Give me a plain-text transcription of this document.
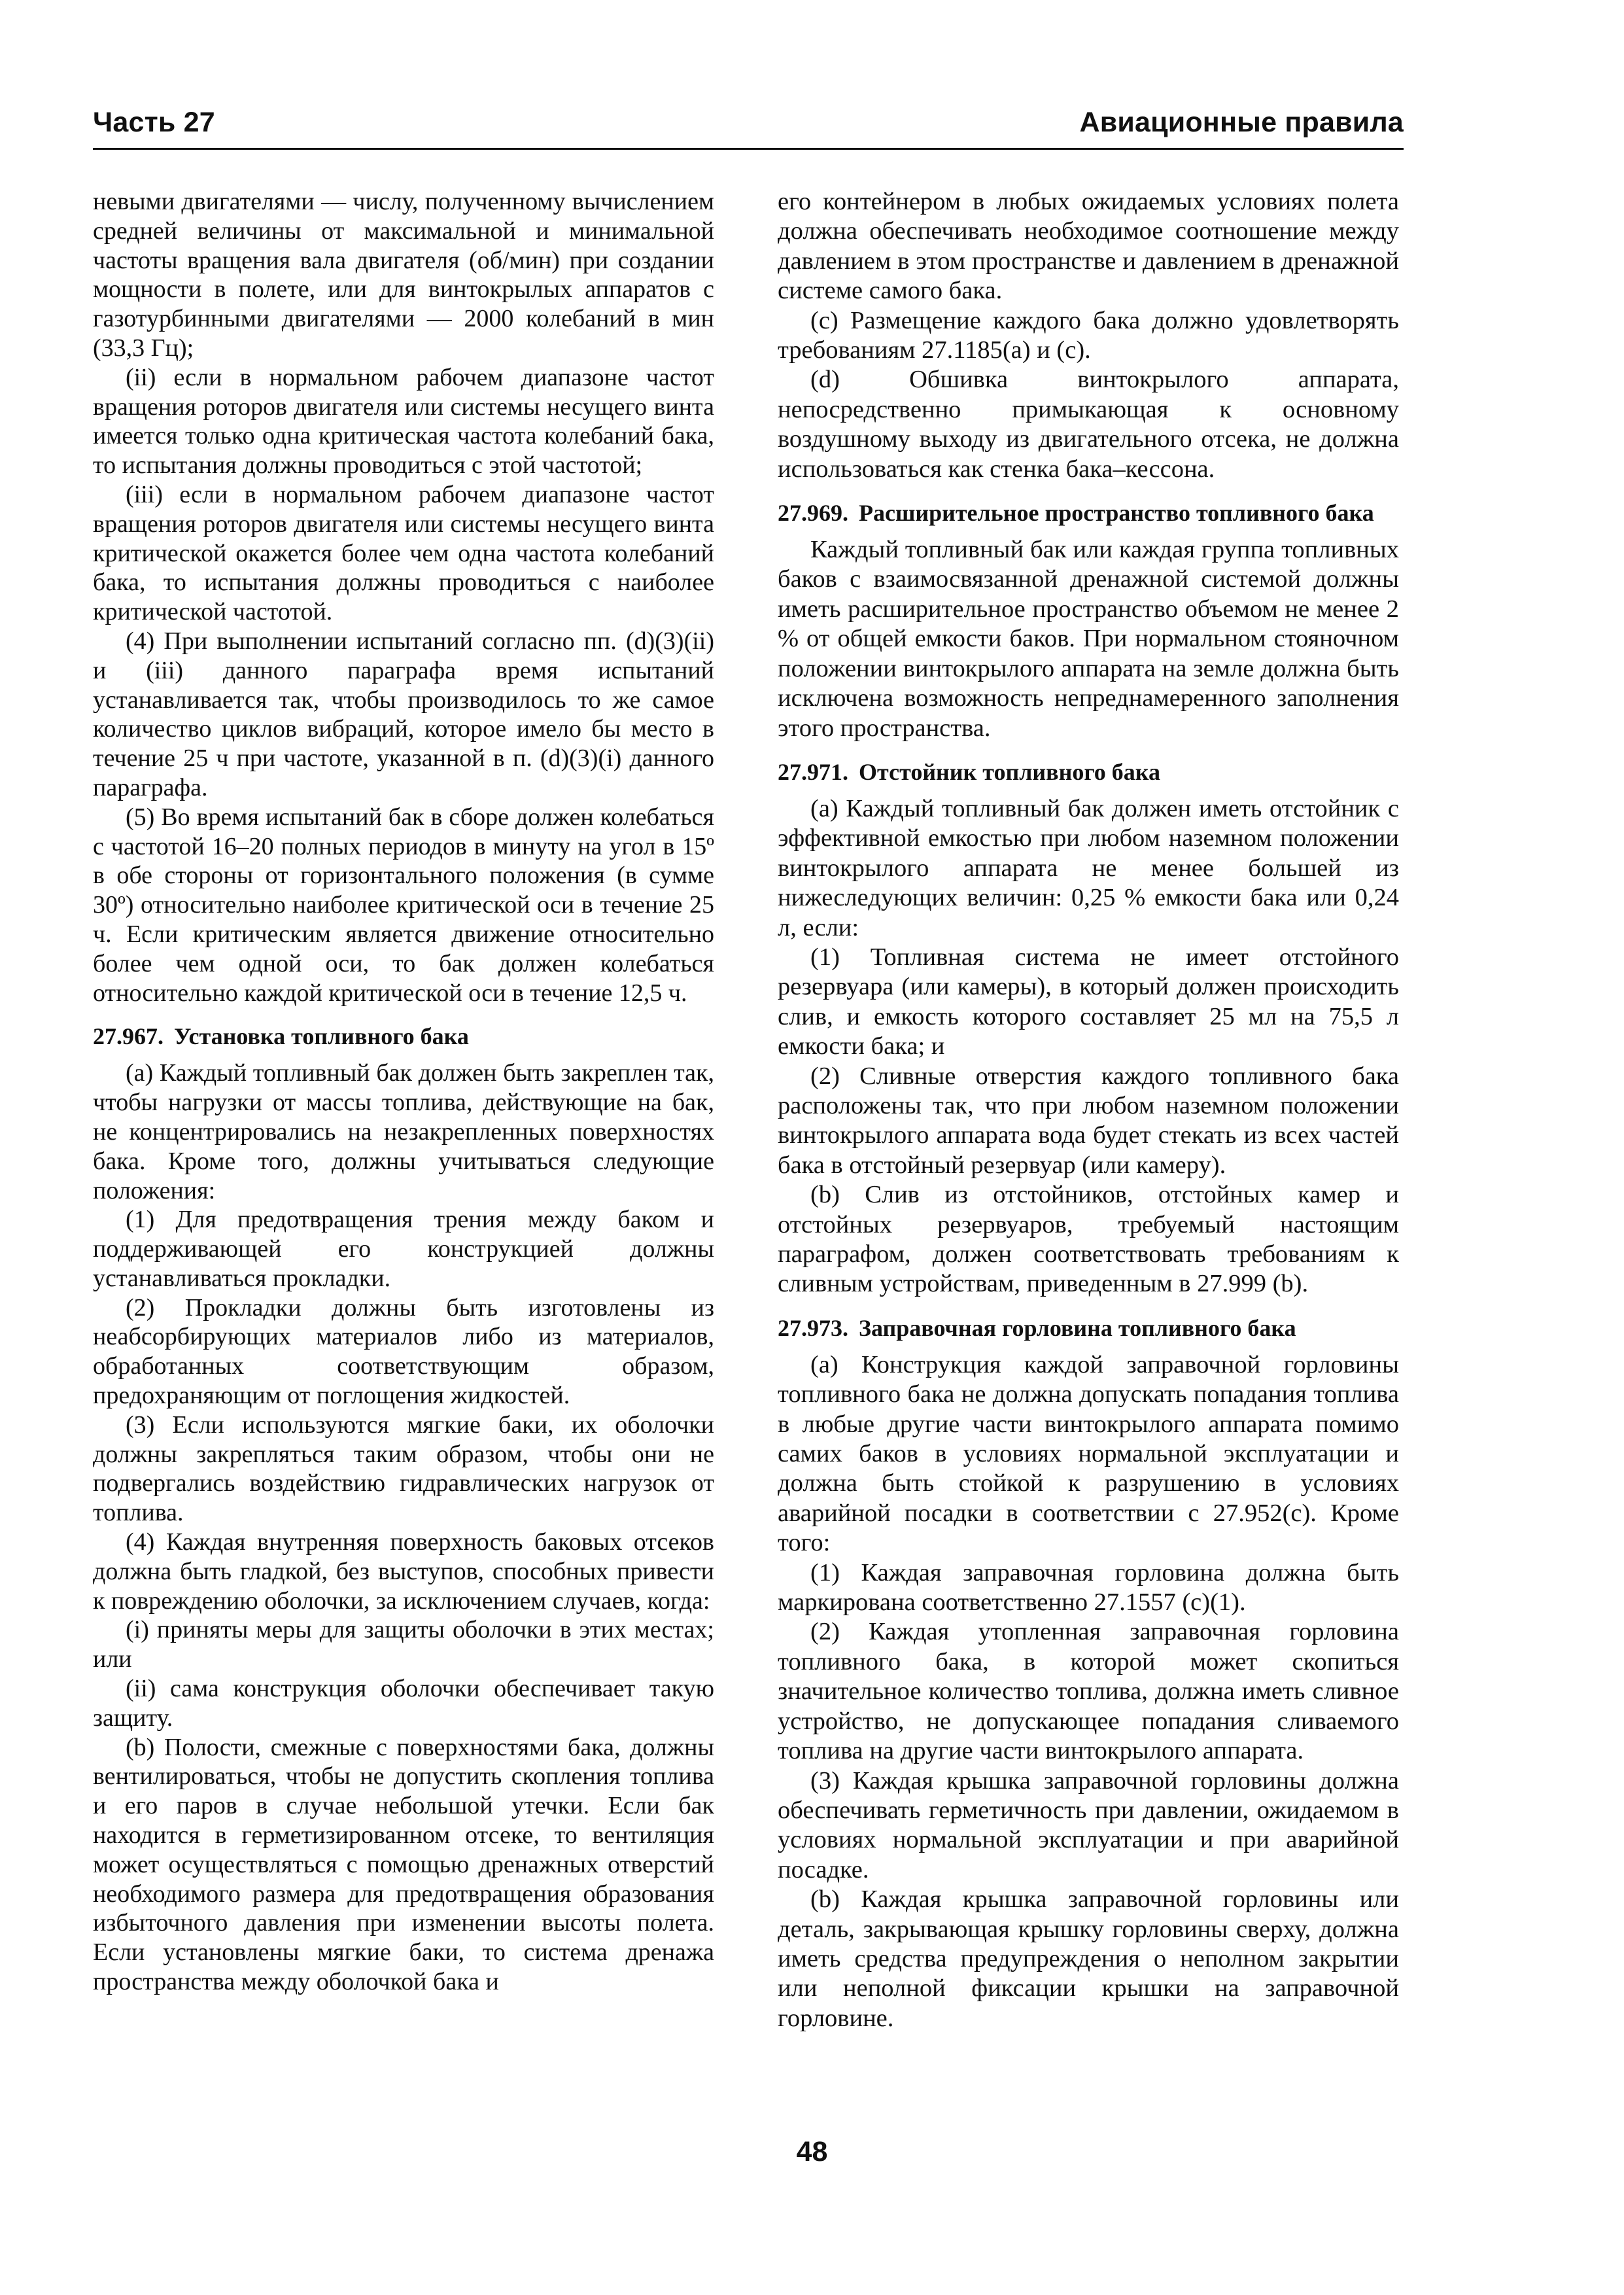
Часть 27	Авиационные правила

невыми двигателями — числу, полученному вычислением средней величины от максимальной и минимальной частоты вращения вала двигателя (об/мин) при создании мощности в полете, или для винтокрылых аппаратов с газотурбинными двигателями — 2000 колебаний в мин (33,3 Гц);

(ii) если в нормальном рабочем диапазоне частот вращения роторов двигателя или системы несущего винта имеется только одна критическая частота колебаний бака, то испытания должны проводиться с этой частотой;

(iii) если в нормальном рабочем диапазоне частот вращения роторов двигателя или системы несущего винта критической окажется более чем одна частота колебаний бака, то испытания должны проводиться с наиболее критической частотой.

(4) При выполнении испытаний согласно пп. (d)(3)(ii) и (iii) данного параграфа время испытаний устанавливается так, чтобы производилось то же самое количество циклов вибраций, которое имело бы место в течение 25 ч при частоте, указанной в п. (d)(3)(i) данного параграфа.

(5) Во время испытаний бак в сборе должен колебаться с частотой 16–20 полных периодов в минуту на угол в 15º в обе стороны от горизонтального положения (в сумме 30º) относительно наиболее критической оси в течение 25 ч. Если критическим является движение относительно более чем одной оси, то бак должен колебаться относительно каждой критической оси в течение 12,5 ч.

27.967. Установка топливного бака

(a) Каждый топливный бак должен быть закреплен так, чтобы нагрузки от массы топлива, действующие на бак, не концентрировались на незакрепленных поверхностях бака. Кроме того, должны учитываться следующие положения:

(1) Для предотвращения трения между баком и поддерживающей его конструкцией должны устанавливаться прокладки.

(2) Прокладки должны быть изготовлены из неабсорбирующих материалов либо из материалов, обработанных соответствующим образом, предохраняющим от поглощения жидкостей.

(3) Если используются мягкие баки, их оболочки должны закрепляться таким образом, чтобы они не подвергались воздействию гидравлических нагрузок от топлива.

(4) Каждая внутренняя поверхность баковых отсеков должна быть гладкой, без выступов, способных привести к повреждению оболочки, за исключением случаев, когда:

(i) приняты меры для защиты оболочки в этих местах; или

(ii) сама конструкция оболочки обеспечивает такую защиту.

(b) Полости, смежные с поверхностями бака, должны вентилироваться, чтобы не допустить скопления топлива и его паров в случае небольшой утечки. Если бак находится в герметизированном отсеке, то вентиляция может осуществляться с помощью дренажных отверстий необходимого размера для предотвращения образования избыточного давления при изменении высоты полета. Если установлены мягкие баки, то система дренажа пространства между оболочкой бака и

его контейнером в любых ожидаемых условиях полета должна обеспечивать необходимое соотношение между давлением в этом пространстве и давлением в дренажной системе самого бака.

(c) Размещение каждого бака должно удовлетворять требованиям 27.1185(а) и (с).

(d) Обшивка винтокрылого аппарата, непосредственно примыкающая к основному воздушному выходу из двигательного отсека, не должна использоваться как стенка бака–кессона.

27.969. Расширительное пространство топливного бака

Каждый топливный бак или каждая группа топливных баков с взаимосвязанной дренажной системой должны иметь расширительное пространство объемом не менее 2 % от общей емкости баков. При нормальном стояночном положении винтокрылого аппарата на земле должна быть исключена возможность непреднамеренного заполнения этого пространства.

27.971. Отстойник топливного бака

(a) Каждый топливный бак должен иметь отстойник с эффективной емкостью при любом наземном положении винтокрылого аппарата не менее большей из нижеследующих величин: 0,25 % емкости бака или 0,24 л, если:

(1) Топливная система не имеет отстойного резервуара (или камеры), в который должен происходить слив, и емкость которого составляет 25 мл на 75,5 л емкости бака; и

(2) Сливные отверстия каждого топливного бака расположены так, что при любом наземном положении винтокрылого аппарата вода будет стекать из всех частей бака в отстойный резервуар (или камеру).

(b) Слив из отстойников, отстойных камер и отстойных резервуаров, требуемый настоящим параграфом, должен соответствовать требованиям к сливным устройствам, приведенным в 27.999 (b).

27.973. Заправочная горловина топливного бака

(a) Конструкция каждой заправочной горловины топливного бака не должна допускать попадания топлива в любые другие части винтокрылого аппарата помимо самих баков в условиях нормальной эксплуатации и должна быть стойкой к разрушению в условиях аварийной посадки в соответствии с 27.952(с). Кроме того:

(1) Каждая заправочная горловина должна быть маркирована соответственно 27.1557 (с)(1).

(2) Каждая утопленная заправочная горловина топливного бака, в которой может скопиться значительное количество топлива, должна иметь сливное устройство, не допускающее попадания сливаемого топлива на другие части винтокрылого аппарата.

(3) Каждая крышка заправочной горловины должна обеспечивать герметичность при давлении, ожидаемом в условиях нормальной эксплуатации и при аварийной посадке.

(b) Каждая крышка заправочной горловины или деталь, закрывающая крышку горловины сверху, должна иметь средства предупреждения о неполном закрытии или неполной фиксации крышки на заправочной горловине.

48
